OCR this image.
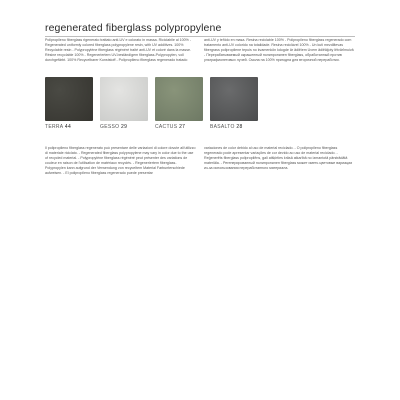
regenerated fiberglass polypropylene

Polipropileno fiberglass rigenerato trattato anti-UV e colorato in massa. Riciclabile al 100% - Regenerated uniformly colored fiberglass polypropylene resin, with UV additives. 100% Recyclable resin - Polypropylène fiberglass régénéré traité anti-UV et coloré dans la masse. Résine recyclable 100% - Regeneriertem UV-beständigem fiberglass-Polypropylen, voll durchgefärbt. 100% Recycelbarer Kunststoff - Polipropileno fiberglass regenerado tratado

anti-UV y teñido en masa. Resina reciclable 100% - Polipropileno fiberglass regenerado com tratamento anti-UV colorido na totalidade. Resina reciclável 100% - Un kuti mezdiltevas fibergrass polipropilene tepuis no kvamenkōn kdogde ār ādiēiem Uvem ādiēāijoty lētvārīmuivā - Перерабатываемый окрашенный полипропилен fiberglass, обработанный против ультрафиолетовых лучей. Смола на 100% пригодна для вторичной переработки.

TERRA 44	GESSO 29	CACTUS 27	BASALTO 28

Il polipropileno fiberglass regenerato può presentare delle variazioni di colore dovute all'utilizzo di materiale riciclato. - Regenerated fiberglass polypropylene may vary in color due to the use of recycled material. - Polypropylène fiberglass régénéré peut présenter des variations de couleur en raison de l'utilisation de matériaux recyclés. - Regeneriertem fiberglass-Polypropylen kann aufgrund der Verwendung von recyceltem Material Farbunterschiede aufweisen. - El polipropileno fiberglass regenerado puede presentar

variaciones de color debido al uso de material reciclado. - O polipropileno fiberglass regenerado pode apresentar variações de cor devido ao uso de material reciclado. - Reģenerēts fiberglass polipropilēns, gali atšķirties krāsā atkarībā no izmantotā pārstrādātā materiāla. - Регенерированный полипропилен fiberglass может иметь цветовые вариации из-за использования переработанного материала.
